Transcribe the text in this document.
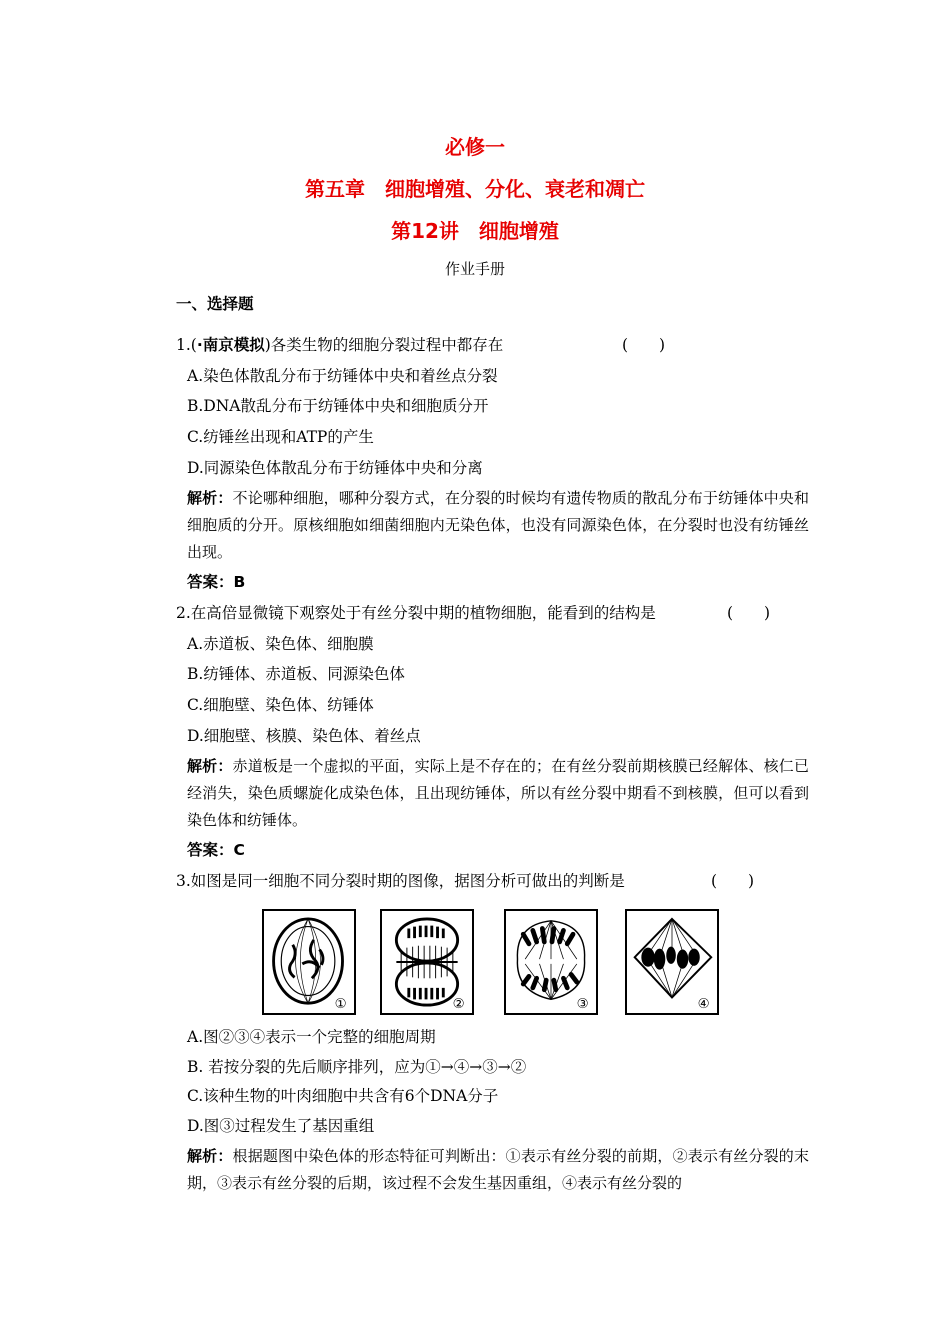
必修一
第五章　细胞增殖、分化、衰老和凋亡
第12讲　细胞增殖
作业手册
一、选择题
1.(·南京模拟)各类生物的细胞分裂过程中都存在	(　　)
A.染色体散乱分布于纺锤体中央和着丝点分裂
B.DNA散乱分布于纺锤体中央和细胞质分开
C.纺锤丝出现和ATP的产生
D.同源染色体散乱分布于纺锤体中央和分离
解析：不论哪种细胞，哪种分裂方式，在分裂的时候均有遗传物质的散乱分布于纺锤体中央和细胞质的分开。原核细胞如细菌细胞内无染色体，也没有同源染色体，在分裂时也没有纺锤丝出现。
答案：B
2.在高倍显微镜下观察处于有丝分裂中期的植物细胞，能看到的结构是	(　　)
A.赤道板、染色体、细胞膜
B.纺锤体、赤道板、同源染色体
C.细胞壁、染色体、纺锤体
D.细胞壁、核膜、染色体、着丝点
解析：赤道板是一个虚拟的平面，实际上是不存在的；在有丝分裂前期核膜已经解体、核仁已经消失，染色质螺旋化成染色体，且出现纺锤体，所以有丝分裂中期看不到核膜，但可以看到染色体和纺锤体。
答案：C
3.如图是同一细胞不同分裂时期的图像，据图分析可做出的判断是	(　　)
①	②	③	④
A.图②③④表示一个完整的细胞周期
B. 若按分裂的先后顺序排列，应为①→④→③→②
C.该种生物的叶肉细胞中共含有6个DNA分子
D.图③过程发生了基因重组
解析：根据题图中染色体的形态特征可判断出：①表示有丝分裂的前期，②表示有丝分裂的末期，③表示有丝分裂的后期，该过程不会发生基因重组，④表示有丝分裂的
